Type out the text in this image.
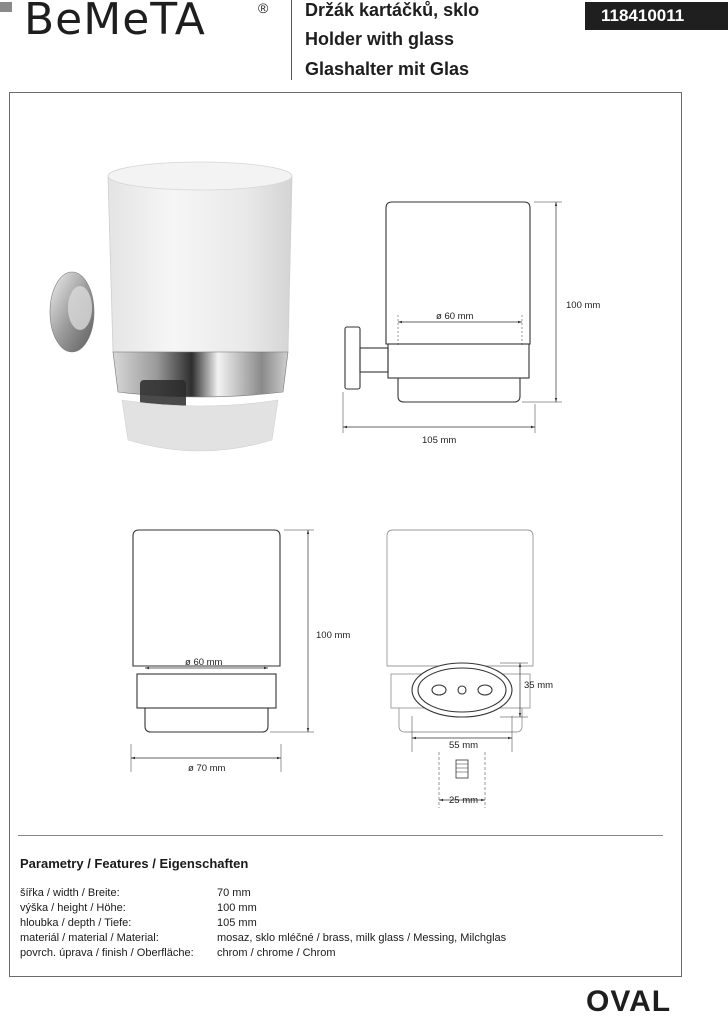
BeMeTA	® Držák kartáčků, sklo
Holder with glass
Glashalter mit Glas
118410011
ø 60 mm
100 mm
105 mm
ø 60 mm
100 mm
ø 70 mm
35 mm
55 mm
25 mm
Parametry / Features / Eigenschaften
šířka / width / Breite:	70 mm
výška / height / Höhe:	100 mm
hloubka / depth / Tiefe:	105 mm
materiál / material / Material:	mosaz, sklo mléčné / brass, milk glass / Messing, Milchglas
povrch. úprava / finish / Oberfläche: chrom / chrome / Chrom
OVAL
